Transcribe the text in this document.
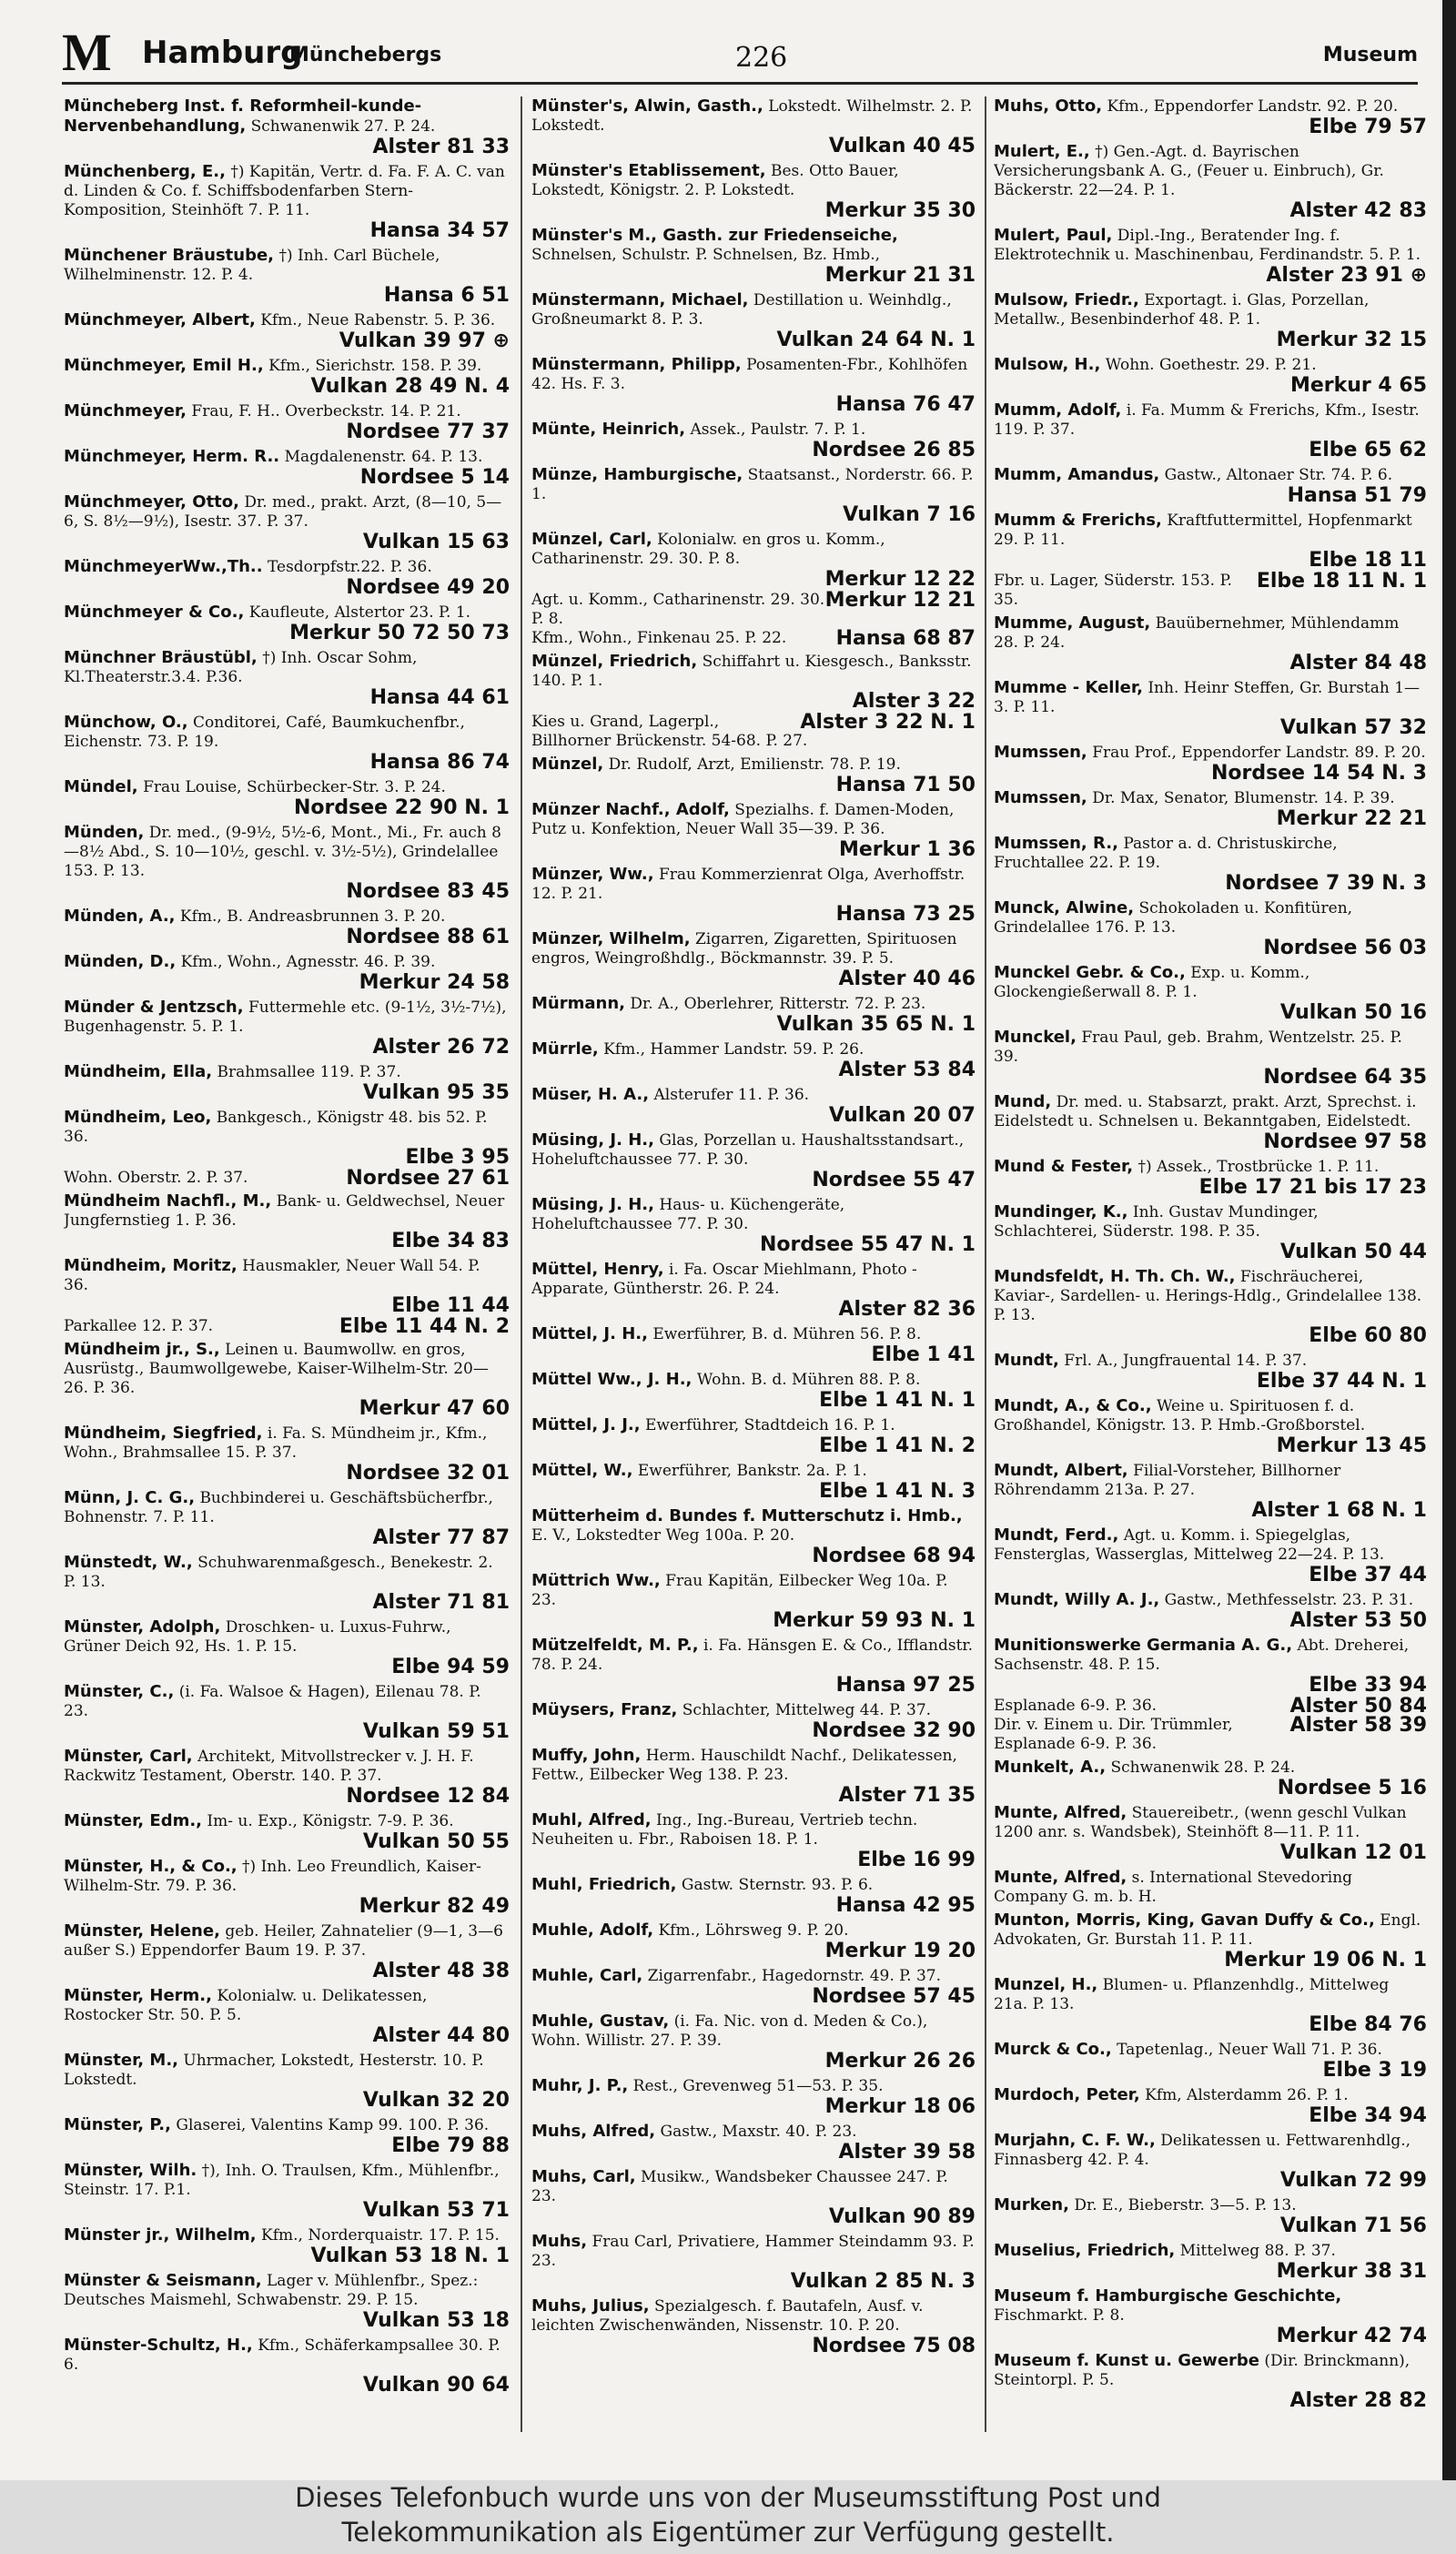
M Hamburg
Münchebergs	226	Museum
Müncheberg Inst. f. Reformheil-kunde-Nervenbehandlung, Schwanenwik 27. P. 24.
Alster 81 33
Münchenberg, E., †) Kapitän, Vertr. d. Fa. F. A. C. van d. Linden & Co. f. Schiffsbodenfarben Stern-Komposition, Steinhöft 7. P. 11.
Hansa 34 57
Münchener Bräustube, †) Inh. Carl Büchele, Wilhelminenstr. 12. P. 4.
Hansa 6 51
Münchmeyer, Albert, Kfm., Neue Rabenstr. 5. P. 36.
Vulkan 39 97 ⊕
Münchmeyer, Emil H., Kfm., Sierichstr. 158. P. 39.
Vulkan 28 49 N. 4
Münchmeyer, Frau, F. H.. Overbeckstr. 14. P. 21.
Nordsee 77 37
Münchmeyer, Herm. R.. Magdalenenstr. 64. P. 13.
Nordsee 5 14
Münchmeyer, Otto, Dr. med., prakt. Arzt, (8—10, 5—6, S. 8½—9½), Isestr. 37. P. 37.
Vulkan 15 63
MünchmeyerWw.,Th.. Tesdorpfstr.22. P. 36.
Nordsee 49 20
Münchmeyer & Co., Kaufleute, Alstertor 23. P. 1.
Merkur 50 72 50 73
Münchner Bräustübl, †) Inh. Oscar Sohm, Kl.Theaterstr.3.4. P.36.
Hansa 44 61
Münchow, O., Conditorei, Café, Baumkuchenfbr., Eichenstr. 73. P. 19.
Hansa 86 74
Mündel, Frau Louise, Schürbecker-Str. 3. P. 24.
Nordsee 22 90 N. 1
Münden, Dr. med., (9-9½, 5½-6, Mont., Mi., Fr. auch 8—8½ Abd., S. 10—10½, geschl. v. 3½-5½), Grindelallee 153. P. 13.
Nordsee 83 45
Münden, A., Kfm., B. Andreasbrunnen 3. P. 20.
Nordsee 88 61
Münden, D., Kfm., Wohn., Agnesstr. 46. P. 39.
Merkur 24 58
Münder & Jentzsch, Futtermehle etc. (9-1½, 3½-7½), Bugenhagenstr. 5. P. 1.
Alster 26 72
Mündheim, Ella, Brahmsallee 119. P. 37.
Vulkan 95 35
Mündheim, Leo, Bankgesch., Königstr 48. bis 52. P. 36.
Elbe 3 95
Nordsee 27 61
Wohn. Oberstr. 2. P. 37.
Mündheim Nachfl., M., Bank- u. Geldwechsel, Neuer Jungfernstieg 1. P. 36.
Elbe 34 83
Mündheim, Moritz, Hausmakler, Neuer Wall 54. P. 36.
Elbe 11 44
Elbe 11 44 N. 2
Parkallee 12. P. 37.
Mündheim jr., S., Leinen u. Baumwollw. en gros, Ausrüstg., Baumwollgewebe, Kaiser-Wilhelm-Str. 20—26. P. 36.
Merkur 47 60
Mündheim, Siegfried, i. Fa. S. Mündheim jr., Kfm., Wohn., Brahmsallee 15. P. 37.
Nordsee 32 01
Münn, J. C. G., Buchbinderei u. Geschäftsbücherfbr., Bohnenstr. 7. P. 11.
Alster 77 87
Münstedt, W., Schuhwarenmaßgesch., Benekestr. 2. P. 13.
Alster 71 81
Münster, Adolph, Droschken- u. Luxus-Fuhrw., Grüner Deich 92, Hs. 1. P. 15.
Elbe 94 59
Münster, C., (i. Fa. Walsoe & Hagen), Eilenau 78. P. 23.
Vulkan 59 51
Münster, Carl, Architekt, Mitvollstrecker v. J. H. F. Rackwitz Testament, Oberstr. 140. P. 37.
Nordsee 12 84
Münster, Edm., Im- u. Exp., Königstr. 7-9. P. 36.
Vulkan 50 55
Münster, H., & Co., †) Inh. Leo Freundlich, Kaiser-Wilhelm-Str. 79. P. 36.
Merkur 82 49
Münster, Helene, geb. Heiler, Zahnatelier (9—1, 3—6 außer S.) Eppendorfer Baum 19. P. 37.
Alster 48 38
Münster, Herm., Kolonialw. u. Delikatessen, Rostocker Str. 50. P. 5.
Alster 44 80
Münster, M., Uhrmacher, Lokstedt, Hesterstr. 10. P. Lokstedt.
Vulkan 32 20
Münster, P., Glaserei, Valentins Kamp 99. 100. P. 36.
Elbe 79 88
Münster, Wilh. †), Inh. O. Traulsen, Kfm., Mühlenfbr., Steinstr. 17. P.1.
Vulkan 53 71
Münster jr., Wilhelm, Kfm., Norderquaistr. 17. P. 15.
Vulkan 53 18 N. 1
Münster & Seismann, Lager v. Mühlenfbr., Spez.: Deutsches Maismehl, Schwabenstr. 29. P. 15.
Vulkan 53 18
Münster-Schultz, H., Kfm., Schäferkampsallee 30. P. 6.
Vulkan 90 64
Münster's, Alwin, Gasth., Lokstedt. Wilhelmstr. 2. P. Lokstedt.
Vulkan 40 45
Münster's Etablissement, Bes. Otto Bauer, Lokstedt, Königstr. 2. P. Lokstedt.
Merkur 35 30
Münster's M., Gasth. zur Friedenseiche, Schnelsen, Schulstr. P. Schnelsen, Bz. Hmb.,
Merkur 21 31
Münstermann, Michael, Destillation u. Weinhdlg., Großneumarkt 8. P. 3.
Vulkan 24 64 N. 1
Münstermann, Philipp, Posamenten-Fbr., Kohlhöfen 42. Hs. F. 3.
Hansa 76 47
Münte, Heinrich, Assek., Paulstr. 7. P. 1.
Nordsee 26 85
Münze, Hamburgische, Staatsanst., Norderstr. 66. P. 1.
Vulkan 7 16
Münzel, Carl, Kolonialw. en gros u. Komm., Catharinenstr. 29. 30. P. 8.
Merkur 12 22
Merkur 12 21
Agt. u. Komm., Catharinenstr. 29. 30. P. 8.
Hansa 68 87
Kfm., Wohn., Finkenau 25. P. 22.
Münzel, Friedrich, Schiffahrt u. Kiesgesch., Banksstr. 140. P. 1.
Alster 3 22
Alster 3 22 N. 1
Kies u. Grand, Lagerpl., Billhorner Brückenstr. 54-68. P. 27.
Münzel, Dr. Rudolf, Arzt, Emilienstr. 78. P. 19.
Hansa 71 50
Münzer Nachf., Adolf, Spezialhs. f. Damen-Moden, Putz u. Konfektion, Neuer Wall 35—39. P. 36.
Merkur 1 36
Münzer, Ww., Frau Kommerzienrat Olga, Averhoffstr. 12. P. 21.
Hansa 73 25
Münzer, Wilhelm, Zigarren, Zigaretten, Spirituosen engros, Weingroßhdlg., Böckmannstr. 39. P. 5.
Alster 40 46
Mürmann, Dr. A., Oberlehrer, Ritterstr. 72. P. 23.
Vulkan 35 65 N. 1
Mürrle, Kfm., Hammer Landstr. 59. P. 26.
Alster 53 84
Müser, H. A., Alsterufer 11. P. 36.
Vulkan 20 07
Müsing, J. H., Glas, Porzellan u. Haushaltsstandsart., Hoheluftchaussee 77. P. 30.
Nordsee 55 47
Müsing, J. H., Haus- u. Küchengeräte, Hoheluftchaussee 77. P. 30.
Nordsee 55 47 N. 1
Müttel, Henry, i. Fa. Oscar Miehlmann, Photo - Apparate, Güntherstr. 26. P. 24.
Alster 82 36
Müttel, J. H., Ewerführer, B. d. Mühren 56. P. 8.
Elbe 1 41
Müttel Ww., J. H., Wohn. B. d. Mühren 88. P. 8.
Elbe 1 41 N. 1
Müttel, J. J., Ewerführer, Stadtdeich 16. P. 1.
Elbe 1 41 N. 2
Müttel, W., Ewerführer, Bankstr. 2a. P. 1.
Elbe 1 41 N. 3
Mütterheim d. Bundes f. Mutterschutz i. Hmb., E. V., Lokstedter Weg 100a. P. 20.
Nordsee 68 94
Müttrich Ww., Frau Kapitän, Eilbecker Weg 10a. P. 23.
Merkur 59 93 N. 1
Mützelfeldt, M. P., i. Fa. Hänsgen E. & Co., Ifflandstr. 78. P. 24.
Hansa 97 25
Müysers, Franz, Schlachter, Mittelweg 44. P. 37.
Nordsee 32 90
Muffy, John, Herm. Hauschildt Nachf., Delikatessen, Fettw., Eilbecker Weg 138. P. 23.
Alster 71 35
Muhl, Alfred, Ing., Ing.-Bureau, Vertrieb techn. Neuheiten u. Fbr., Raboisen 18. P. 1.
Elbe 16 99
Muhl, Friedrich, Gastw. Sternstr. 93. P. 6.
Hansa 42 95
Muhle, Adolf, Kfm., Löhrsweg 9. P. 20.
Merkur 19 20
Muhle, Carl, Zigarrenfabr., Hagedornstr. 49. P. 37.
Nordsee 57 45
Muhle, Gustav, (i. Fa. Nic. von d. Meden & Co.), Wohn. Willistr. 27. P. 39.
Merkur 26 26
Muhr, J. P., Rest., Grevenweg 51—53. P. 35.
Merkur 18 06
Muhs, Alfred, Gastw., Maxstr. 40. P. 23.
Alster 39 58
Muhs, Carl, Musikw., Wandsbeker Chaussee 247. P. 23.
Vulkan 90 89
Muhs, Frau Carl, Privatiere, Hammer Steindamm 93. P. 23.
Vulkan 2 85 N. 3
Muhs, Julius, Spezialgesch. f. Bautafeln, Ausf. v. leichten Zwischenwänden, Nissenstr. 10. P. 20.
Nordsee 75 08
Muhs, Otto, Kfm., Eppendorfer Landstr. 92. P. 20.
Elbe 79 57
Mulert, E., †) Gen.-Agt. d. Bayrischen Versicherungsbank A. G., (Feuer u. Einbruch), Gr. Bäckerstr. 22—24. P. 1.
Alster 42 83
Mulert, Paul, Dipl.-Ing., Beratender Ing. f. Elektrotechnik u. Maschinenbau, Ferdinandstr. 5. P. 1.
Alster 23 91 ⊕
Mulsow, Friedr., Exportagt. i. Glas, Porzellan, Metallw., Besenbinderhof 48. P. 1.
Merkur 32 15
Mulsow, H., Wohn. Goethestr. 29. P. 21.
Merkur 4 65
Mumm, Adolf, i. Fa. Mumm & Frerichs, Kfm., Isestr. 119. P. 37.
Elbe 65 62
Mumm, Amandus, Gastw., Altonaer Str. 74. P. 6.
Hansa 51 79
Mumm & Frerichs, Kraftfuttermittel, Hopfenmarkt 29. P. 11.
Elbe 18 11
Elbe 18 11 N. 1
Fbr. u. Lager, Süderstr. 153. P. 35.
Mumme, August, Bauübernehmer, Mühlendamm 28. P. 24.
Alster 84 48
Mumme - Keller, Inh. Heinr Steffen, Gr. Burstah 1—3. P. 11.
Vulkan 57 32
Mumssen, Frau Prof., Eppendorfer Landstr. 89. P. 20.
Nordsee 14 54 N. 3
Mumssen, Dr. Max, Senator, Blumenstr. 14. P. 39.
Merkur 22 21
Mumssen, R., Pastor a. d. Christuskirche, Fruchtallee 22. P. 19.
Nordsee 7 39 N. 3
Munck, Alwine, Schokoladen u. Konfitüren, Grindelallee 176. P. 13.
Nordsee 56 03
Munckel Gebr. & Co., Exp. u. Komm., Glockengießerwall 8. P. 1.
Vulkan 50 16
Munckel, Frau Paul, geb. Brahm, Wentzelstr. 25. P. 39.
Nordsee 64 35
Mund, Dr. med. u. Stabsarzt, prakt. Arzt, Sprechst. i. Eidelstedt u. Schnelsen u. Bekanntgaben, Eidelstedt.
Nordsee 97 58
Mund & Fester, †) Assek., Trostbrücke 1. P. 11.
Elbe 17 21 bis 17 23
Mundinger, K., Inh. Gustav Mundinger, Schlachterei, Süderstr. 198. P. 35.
Vulkan 50 44
Mundsfeldt, H. Th. Ch. W., Fischräucherei, Kaviar-, Sardellen- u. Herings-Hdlg., Grindelallee 138. P. 13.
Elbe 60 80
Mundt, Frl. A., Jungfrauental 14. P. 37.
Elbe 37 44 N. 1
Mundt, A., & Co., Weine u. Spirituosen f. d. Großhandel, Königstr. 13. P. Hmb.-Großborstel.
Merkur 13 45
Mundt, Albert, Filial-Vorsteher, Billhorner Röhrendamm 213a. P. 27.
Alster 1 68 N. 1
Mundt, Ferd., Agt. u. Komm. i. Spiegelglas, Fensterglas, Wasserglas, Mittelweg 22—24. P. 13.
Elbe 37 44
Mundt, Willy A. J., Gastw., Methfesselstr. 23. P. 31.
Alster 53 50
Munitionswerke Germania A. G., Abt. Dreherei, Sachsenstr. 48. P. 15.
Elbe 33 94
Alster 50 84
Esplanade 6-9. P. 36.
Alster 58 39
Dir. v. Einem u. Dir. Trümmler, Esplanade 6-9. P. 36.
Munkelt, A., Schwanenwik 28. P. 24.
Nordsee 5 16
Munte, Alfred, Stauereibetr., (wenn geschl Vulkan 1200 anr. s. Wandsbek), Steinhöft 8—11. P. 11.
Vulkan 12 01
Munte, Alfred, s. International Stevedoring Company G. m. b. H.
Munton, Morris, King, Gavan Duffy & Co., Engl. Advokaten, Gr. Burstah 11. P. 11.
Merkur 19 06 N. 1
Munzel, H., Blumen- u. Pflanzenhdlg., Mittelweg 21a. P. 13.
Elbe 84 76
Murck & Co., Tapetenlag., Neuer Wall 71. P. 36.
Elbe 3 19
Murdoch, Peter, Kfm, Alsterdamm 26. P. 1.
Elbe 34 94
Murjahn, C. F. W., Delikatessen u. Fettwarenhdlg., Finnasberg 42. P. 4.
Vulkan 72 99
Murken, Dr. E., Bieberstr. 3—5. P. 13.
Vulkan 71 56
Muselius, Friedrich, Mittelweg 88. P. 37.
Merkur 38 31
Museum f. Hamburgische Geschichte, Fischmarkt. P. 8.
Merkur 42 74
Museum f. Kunst u. Gewerbe (Dir. Brinckmann), Steintorpl. P. 5.
Alster 28 82
Dieses Telefonbuch wurde uns von der Museumsstiftung Post und
Telekommunikation als Eigentümer zur Verfügung gestellt.
